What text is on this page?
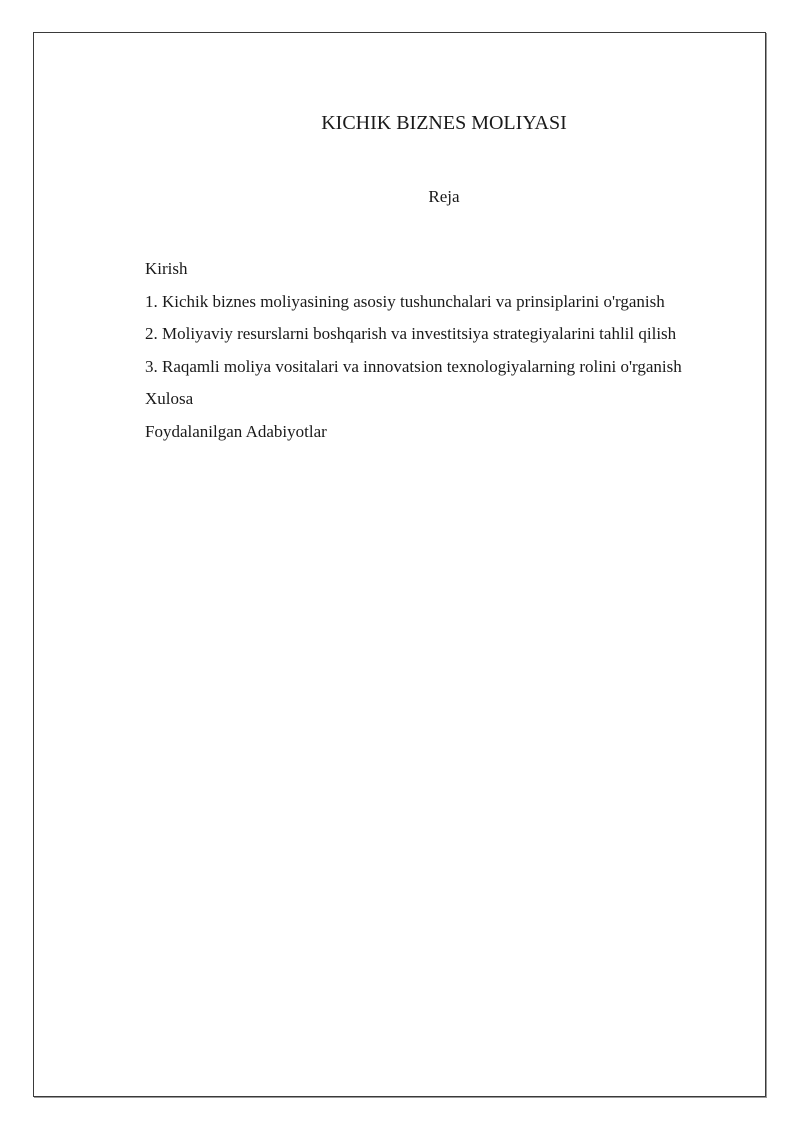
KICHIK BIZNES MOLIYASI
Reja
Kirish
1. Kichik biznes moliyasining asosiy tushunchalari va prinsiplarini o'rganish
2. Moliyaviy resurslarni boshqarish va investitsiya strategiyalarini tahlil qilish
3. Raqamli moliya vositalari va innovatsion texnologiyalarning rolini o'rganish
Xulosa
Foydalanilgan Adabiyotlar
